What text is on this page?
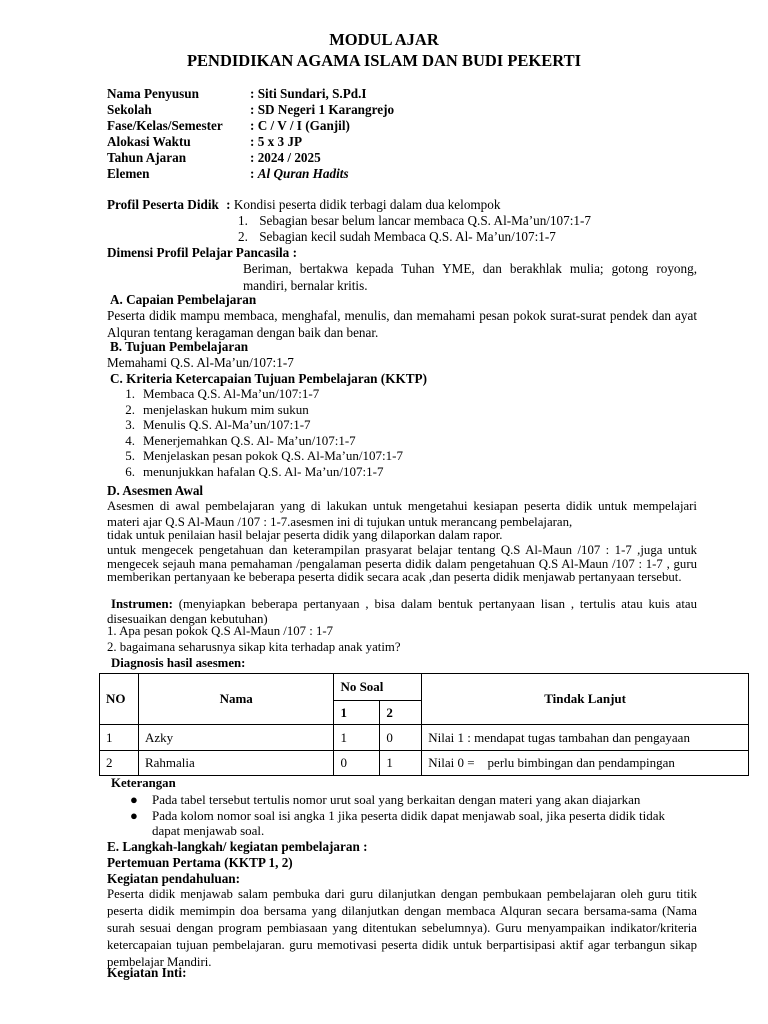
MODUL AJAR
PENDIDIKAN AGAMA ISLAM DAN BUDI PEKERTI
Nama Penyusun	: Siti Sundari, S.Pd.I
Sekolah	: SD Negeri 1 Karangrejo
Fase/Kelas/Semester : C / V / I (Ganjil)
Alokasi Waktu	: 5 x 3 JP
Tahun Ajaran	: 2024 / 2025
Elemen	: Al Quran Hadits
Profil Peserta Didik : Kondisi peserta didik terbagi dalam dua kelompok
1. Sebagian besar belum lancar membaca Q.S. Al-Ma’un/107:1-7
2. Sebagian kecil sudah Membaca Q.S. Al- Ma’un/107:1-7
Dimensi Profil Pelajar Pancasila :
Beriman, bertakwa kepada Tuhan YME, dan berakhlak mulia; gotong royong, mandiri, bernalar kritis.
A. Capaian Pembelajaran
Peserta didik mampu membaca, menghafal, menulis, dan memahami pesan pokok surat-surat pendek dan ayat Alquran tentang keragaman dengan baik dan benar.
B. Tujuan Pembelajaran
Memahami Q.S. Al-Ma’un/107:1-7
C. Kriteria Ketercapaian Tujuan Pembelajaran (KKTP)
1. Membaca Q.S. Al-Ma’un/107:1-7
2. menjelaskan hukum mim sukun
3. Menulis Q.S. Al-Ma’un/107:1-7
4. Menerjemahkan Q.S. Al- Ma’un/107:1-7
5. Menjelaskan pesan pokok Q.S. Al-Ma’un/107:1-7
6. menunjukkan hafalan Q.S. Al- Ma’un/107:1-7
D. Asesmen Awal
Asesmen di awal pembelajaran yang di lakukan untuk mengetahui kesiapan peserta didik untuk mempelajari materi ajar Q.S Al-Maun /107 : 1-7.asesmen ini di tujukan untuk merancang pembelajaran,
tidak untuk penilaian hasil belajar peserta didik yang dilaporkan dalam rapor.
untuk mengecek pengetahuan dan keterampilan prasyarat belajar tentang Q.S Al-Maun /107 : 1-7 ,juga untuk mengecek sejauh mana pemahaman /pengalaman peserta didik dalam pengetahuan Q.S Al-Maun /107 : 1-7 , guru memberikan pertanyaan ke beberapa peserta didik secara acak ,dan peserta didik menjawab pertanyaan tersebut.
Instrumen: (menyiapkan beberapa pertanyaan , bisa dalam bentuk pertanyaan lisan , tertulis atau kuis atau disesuaikan dengan kebutuhan)
1. Apa pesan pokok Q.S Al-Maun /107 : 1-7
2. bagaimana seharusnya sikap kita terhadap anak yatim?
Diagnosis hasil asesmen:
NO	Nama	No Soal		Tindak Lanjut
		1	2	
1	Azky	1	0	Nilai 1 : mendapat tugas tambahan dan pengayaan
2	Rahmalia	0	1	Nilai 0 =    perlu bimbingan dan pendampingan
Keterangan
● Pada tabel tersebut tertulis nomor urut soal yang berkaitan dengan materi yang akan diajarkan
● Pada kolom nomor soal isi angka 1 jika peserta didik dapat menjawab soal, jika peserta didik tidak dapat menjawab soal.
E. Langkah-langkah/ kegiatan pembelajaran :
Pertemuan Pertama (KKTP 1, 2)
Kegiatan pendahuluan:
Peserta didik menjawab salam pembuka dari guru dilanjutkan dengan pembukaan pembelajaran oleh guru titik peserta didik memimpin doa bersama yang dilanjutkan dengan membaca Alquran secara bersama-sama (Nama surah sesuai dengan program pembiasaan yang ditentukan sebelumnya). Guru menyampaikan indikator/kriteria ketercapaian tujuan pembelajaran. guru memotivasi peserta didik untuk berpartisipasi aktif agar terbangun sikap pembelajar Mandiri.
Kegiatan Inti:
